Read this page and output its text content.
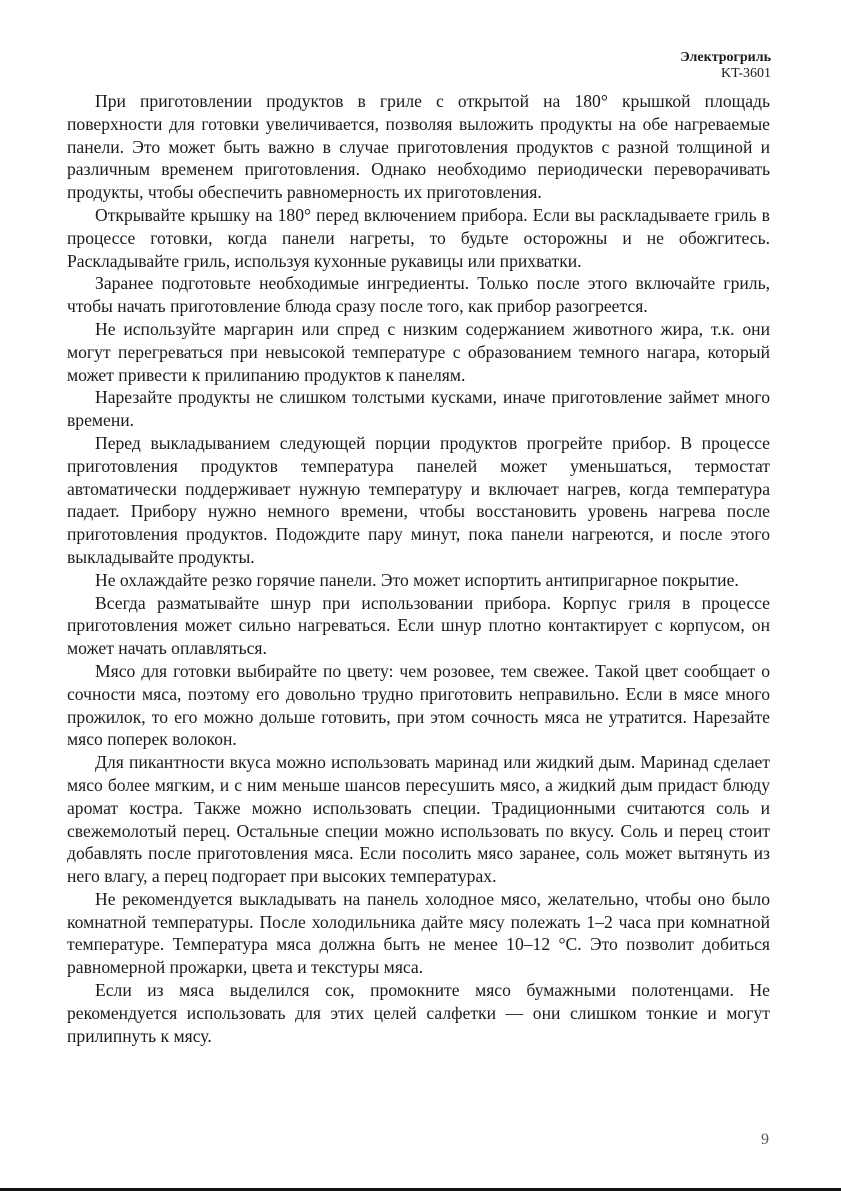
Электрогриль
KT-3601

При приготовлении продуктов в гриле с открытой на 180° крышкой площадь поверхности для готовки увеличивается, позволяя выложить продукты на обе нагреваемые панели. Это может быть важно в случае приготовления продуктов с разной толщиной и различным временем приготовления. Однако необходимо периодически переворачивать продукты, чтобы обеспечить равномерность их приготовления.

Открывайте крышку на 180° перед включением прибора. Если вы раскладываете гриль в процессе готовки, когда панели нагреты, то будьте осторожны и не обожгитесь. Раскладывайте гриль, используя кухонные рукавицы или прихватки.

Заранее подготовьте необходимые ингредиенты. Только после этого включайте гриль, чтобы начать приготовление блюда сразу после того, как прибор разогреется.

Не используйте маргарин или спред с низким содержанием животного жира, т.к. они могут перегреваться при невысокой температуре с образованием темного нагара, который может привести к прилипанию продуктов к панелям.

Нарезайте продукты не слишком толстыми кусками, иначе приготовление займет много времени.

Перед выкладыванием следующей порции продуктов прогрейте прибор. В процессе приготовления продуктов температура панелей может уменьшаться, термостат автоматически поддерживает нужную температуру и включает нагрев, когда температура падает. Прибору нужно немного времени, чтобы восстановить уровень нагрева после приготовления продуктов. Подождите пару минут, пока панели нагреются, и после этого выкладывайте продукты.

Не охлаждайте резко горячие панели. Это может испортить антипригарное покрытие.

Всегда разматывайте шнур при использовании прибора. Корпус гриля в процессе приготовления может сильно нагреваться. Если шнур плотно контактирует с корпусом, он может начать оплавляться.

Мясо для готовки выбирайте по цвету: чем розовее, тем свежее. Такой цвет сообщает о сочности мяса, поэтому его довольно трудно приготовить неправильно. Если в мясе много прожилок, то его можно дольше готовить, при этом сочность мяса не утратится. Нарезайте мясо поперек волокон.

Для пикантности вкуса можно использовать маринад или жидкий дым. Маринад сделает мясо более мягким, и с ним меньше шансов пересушить мясо, а жидкий дым придаст блюду аромат костра. Также можно использовать специи. Традиционными считаются соль и свежемолотый перец. Остальные специи можно использовать по вкусу. Соль и перец стоит добавлять после приготовления мяса. Если посолить мясо заранее, соль может вытянуть из него влагу, а перец подгорает при высоких температурах.

Не рекомендуется выкладывать на панель холодное мясо, желательно, чтобы оно было комнатной температуры. После холодильника дайте мясу полежать 1–2 часа при комнатной температуре. Температура мяса должна быть не менее 10–12 °С. Это позволит добиться равномерной прожарки, цвета и текстуры мяса.

Если из мяса выделился сок, промокните мясо бумажными полотенцами. Не рекомендуется использовать для этих целей салфетки — они слишком тонкие и могут прилипнуть к мясу.

9
